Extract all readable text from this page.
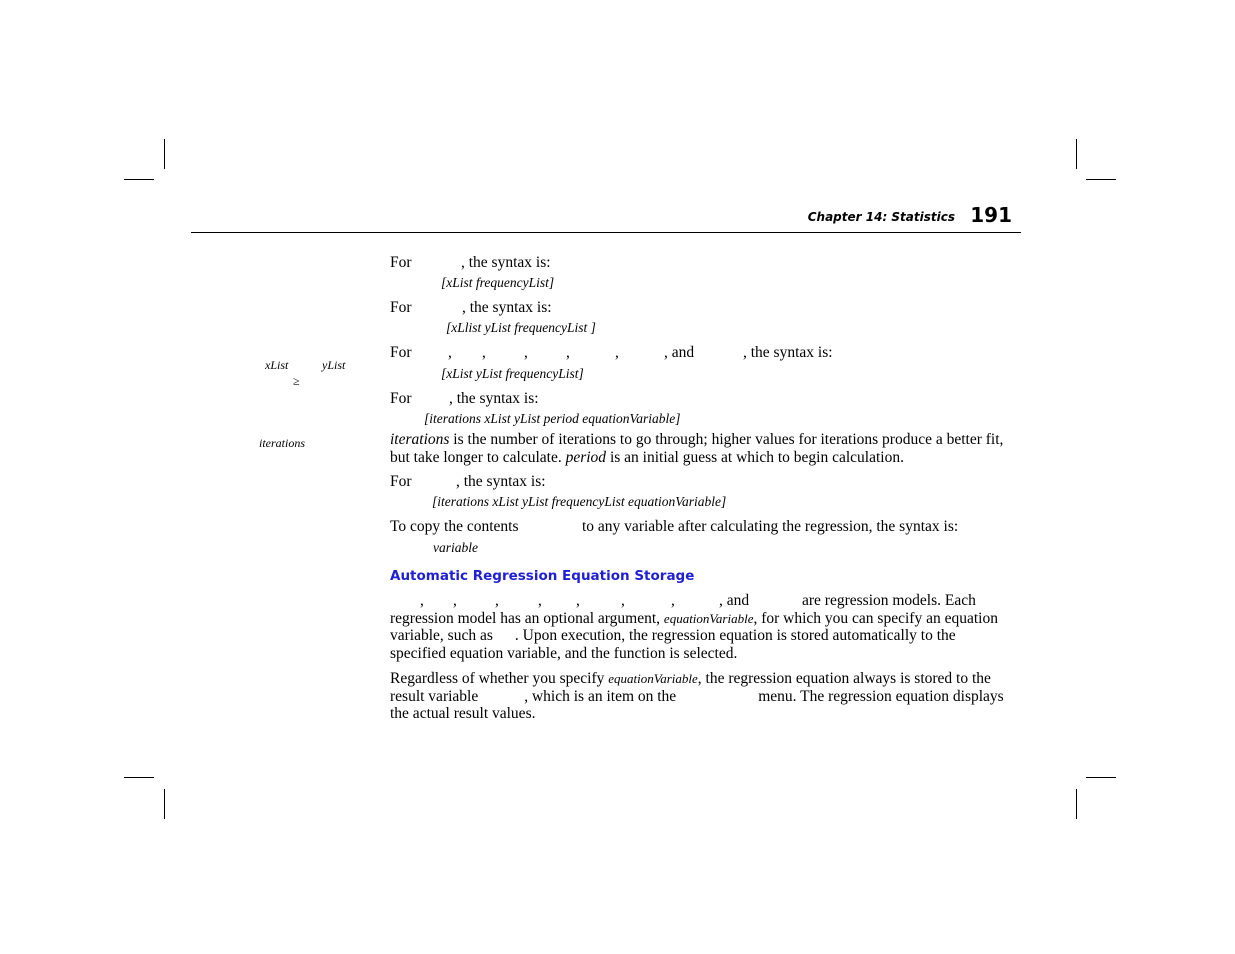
Chapter 14: Statistics 191
xList	yList
≥
iterations
For	, the syntax is:
[xList frequencyList]
For	, the syntax is:
[xLlist yList frequencyList ]
For , , , ,	,	, and	, the syntax is:
[xList yList frequencyList]
For , the syntax is:
[iterations xList yList period equationVariable]
iterations is the number of iterations to go through; higher values for iterations produce a better fit, but take longer to calculate. period is an initial guess at which to begin calculation.
For	, the syntax is:
[iterations xList yList frequencyList equationVariable]
To copy the contents	to any variable after calculating the regression, the syntax is:
variable
Automatic Regression Equation Storage
, , ,	, ,	,	,	, and	are regression models. Each regression model has an optional argument, equationVariable, for which you can specify an equation variable, such as . Upon execution, the regression equation is stored automatically to the specified equation variable, and the function is selected.
Regardless of whether you specify equationVariable, the regression equation always is stored to the result variable	, which is an item on the	menu. The regression equation displays the actual result values.
